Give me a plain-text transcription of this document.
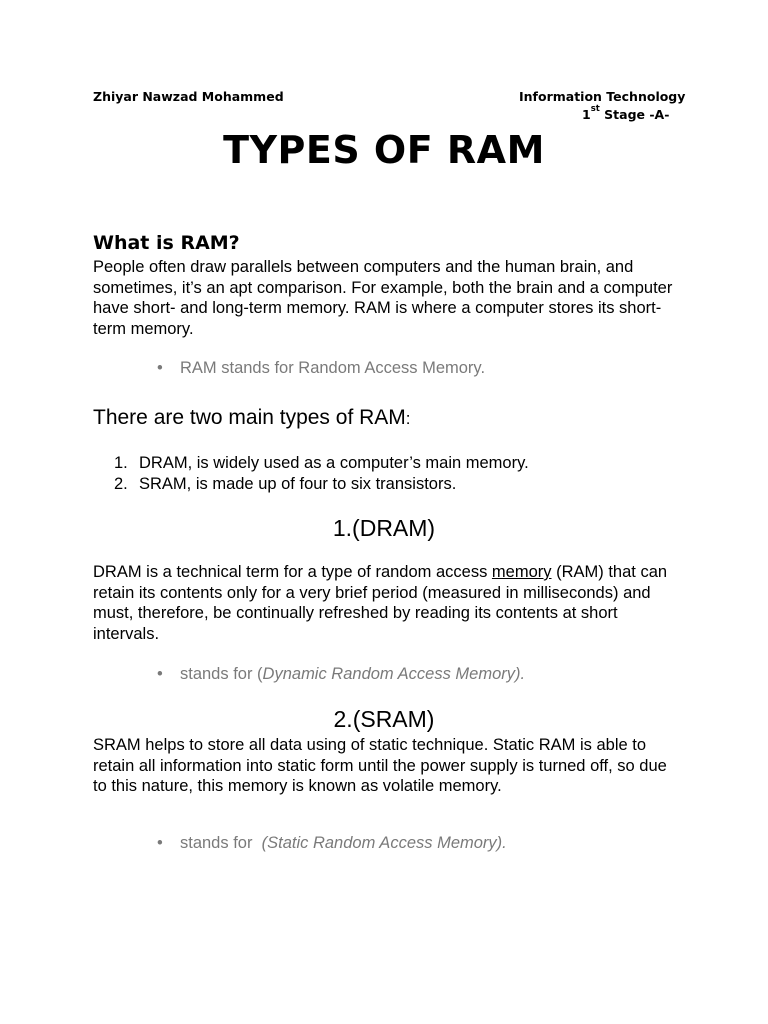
Zhiyar Nawzad Mohammed	Information Technology
1st Stage -A-
TYPES OF RAM
What is RAM?
People often draw parallels between computers and the human brain, and sometimes, it’s an apt comparison. For example, both the brain and a computer have short- and long-term memory. RAM is where a computer stores its short-term memory.
• RAM stands for Random Access Memory.
There are two main types of RAM:
1. DRAM, is widely used as a computer’s main memory.
2. SRAM, is made up of four to six transistors.
1.(DRAM)
DRAM is a technical term for a type of random access memory (RAM) that can retain its contents only for a very brief period (measured in milliseconds) and must, therefore, be continually refreshed by reading its contents at short intervals.
• stands for (Dynamic Random Access Memory).
2.(SRAM)
SRAM helps to store all data using of static technique. Static RAM is able to retain all information into static form until the power supply is turned off, so due to this nature, this memory is known as volatile memory.
• stands for  (Static Random Access Memory).
